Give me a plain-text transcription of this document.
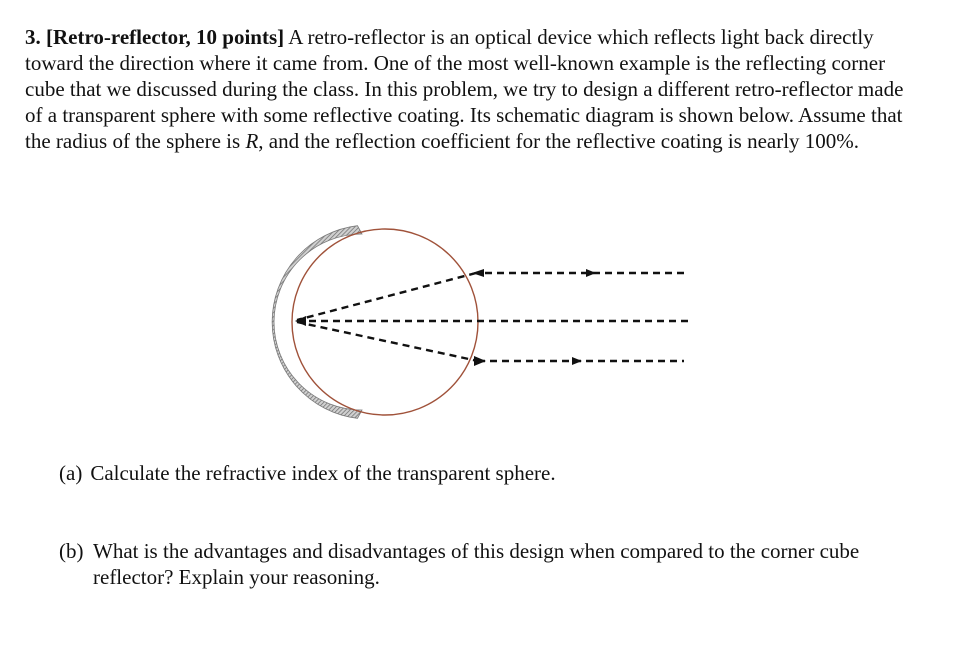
3. [Retro-reflector, 10 points] A retro-reflector is an optical device which reflects light back directly toward the direction where it came from. One of the most well-known example is the reflecting corner cube that we discussed during the class. In this problem, we try to design a different retro-reflector made of a transparent sphere with some reflective coating. Its schematic diagram is shown below. Assume that the radius of the sphere is R, and the reflection coefficient for the reflective coating is nearly 100%.
(a) Calculate the refractive index of the transparent sphere.
(b) What is the advantages and disadvantages of this design when compared to the corner cube reflector? Explain your reasoning.
